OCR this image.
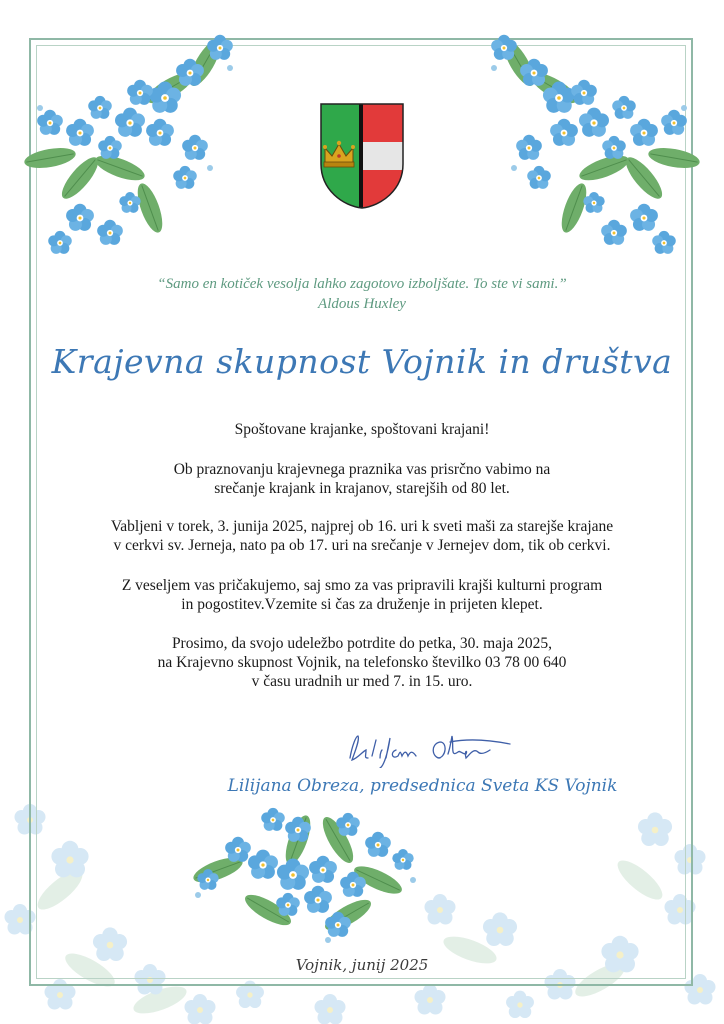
“Samo en kotiček vesolja lahko zagotovo izboljšate. To ste vi sami.”
Aldous Huxley
Krajevna skupnost Vojnik in društva
Spoštovane krajanke, spoštovani krajani!
Ob praznovanju krajevnega praznika vas prisrčno vabimo na
srečanje krajank in krajanov, starejših od 80 let.
Vabljeni v torek, 3. junija 2025, najprej ob 16. uri k sveti maši za starejše krajane
v cerkvi sv. Jerneja, nato pa ob 17. uri na srečanje v Jernejev dom, tik ob cerkvi.
Z veseljem vas pričakujemo, saj smo za vas pripravili krajši kulturni program
in pogostitev.Vzemite si čas za druženje in prijeten klepet.
Prosimo, da svojo udeležbo potrdite do petka, 30. maja 2025,
na Krajevno skupnost Vojnik, na telefonsko številko 03 78 00 640
v času uradnih ur med 7. in 15. uro.
Lilijana Obreza, predsednica Sveta KS Vojnik
Vojnik, junij 2025
